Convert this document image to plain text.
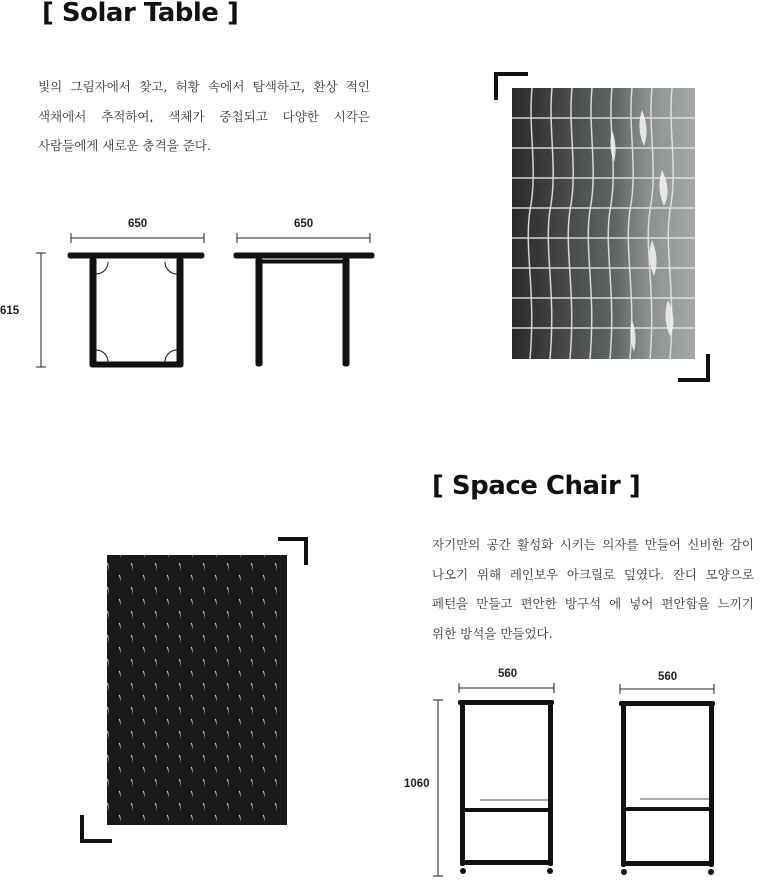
[ Solar Table ]
빛의 그림자에서 찾고, 허황 속에서 탐색하고, 환상 적인
색채에서 추적하여, 색체가 중첩되고 다양한 시각은
사람들에게 새로운 충격을 준다.
650	650
615
[ Space Chair ]
자기만의 공간 활성화 시키는 의자를 만들어 신비한 감이
나오기 위해 레인보우 아크릴로 덮였다. 잔디 모양으로
페턴을 만들고 편안한 방구석 에 넣어 편안함을 느끼기
위한 방석을 만들었다.
560	560
1060
